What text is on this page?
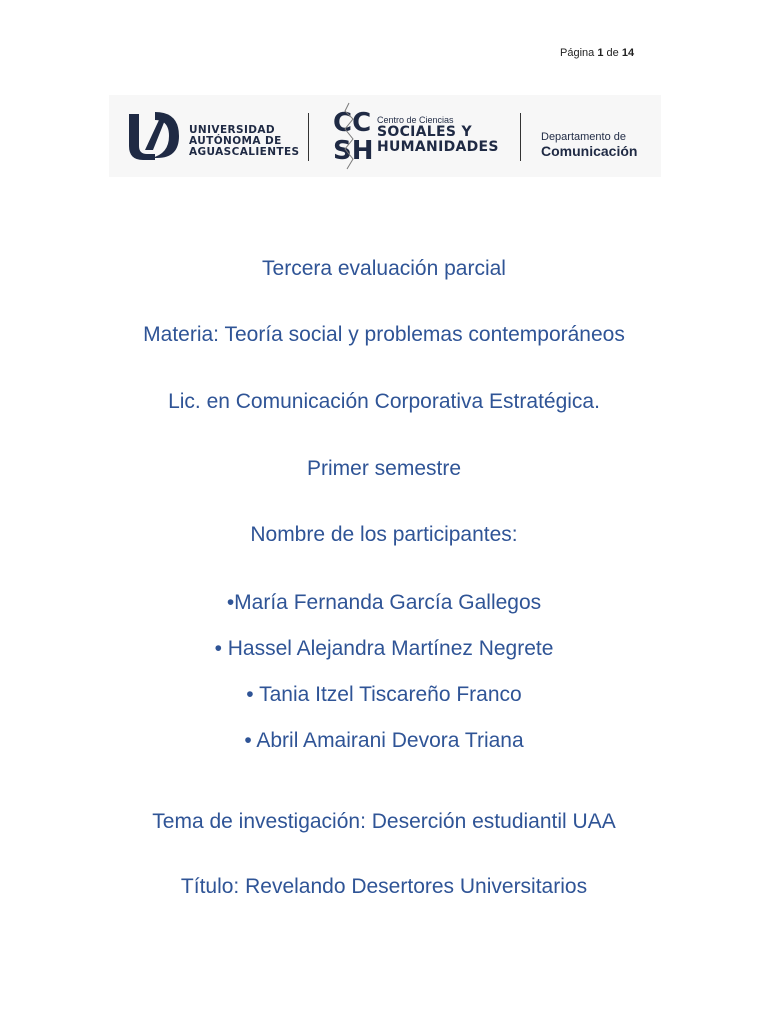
Página 1 de 14
UNIVERSIDAD
AUTÓNOMA DE
AGUASCALIENTES
CC
SH
Centro de Ciencias
SOCIALES Y
HUMANIDADES
Departamento de
Comunicación
Tercera evaluación parcial
Materia: Teoría social y problemas contemporáneos
Lic. en Comunicación Corporativa Estratégica.
Primer semestre
Nombre de los participantes:
•María Fernanda García Gallegos
• Hassel Alejandra Martínez Negrete
• Tania Itzel Tiscareño Franco
• Abril Amairani Devora Triana
Tema de investigación: Deserción estudiantil UAA
Título: Revelando Desertores Universitarios
